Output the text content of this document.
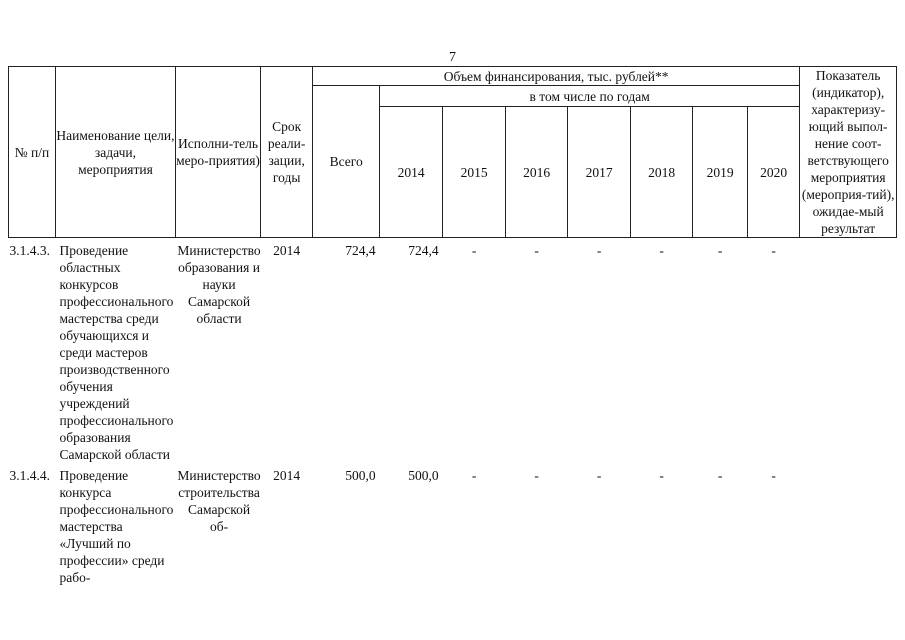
7
№ п/п	Наименование цели, задачи, мероприятия	Исполни-тель меро-приятия)	Срок реали-зации, годы	Объем финансирования, тыс. рублей**								Показатель (индикатор), характеризу-ющий выпол-нение соот-ветствующего мероприятия (мероприя-тий), ожидае-мый результат
				Всего	в том числе по годам							
					2014	2015	2016	2017	2018	2019	2020	
3.1.4.3.	Проведение областных конкурсов профессионального мастерства среди обучающихся и среди мастеров производственного обучения учреждений профессионального образования Самарской области	Министерство образования и науки Самарской области	2014	724,4	724,4	-	-	-	-	-	-	
3.1.4.4.	Проведение конкурса профессионального мастерства «Лучший по профессии» среди рабо-	Министерство строительства Самарской об-	2014	500,0	500,0	-	-	-	-	-	-	
